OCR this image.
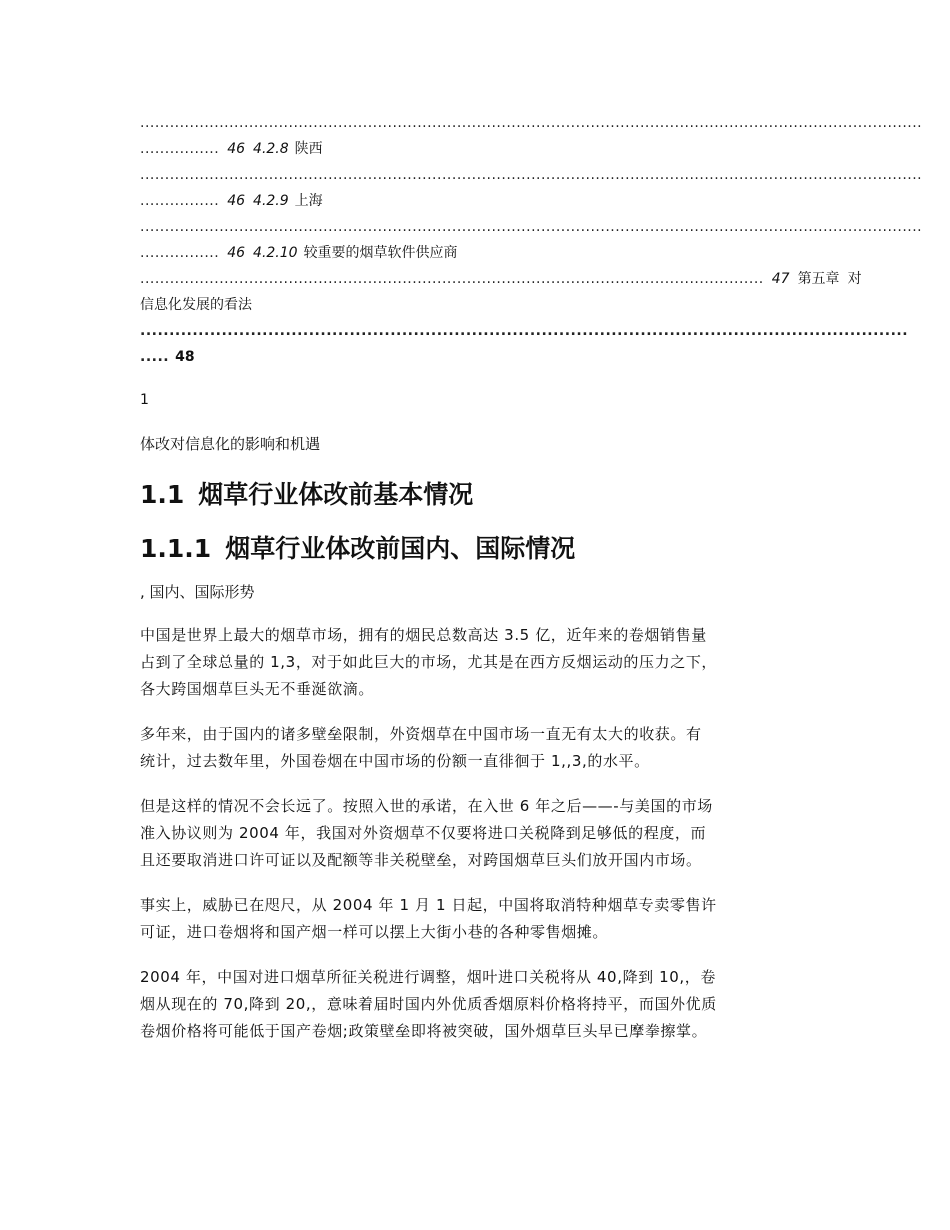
..............................................................................................................................................................
................ 46 4.2.8 陕西
..............................................................................................................................................................
................ 46 4.2.9 上海
..............................................................................................................................................................
................ 46 4.2.10 较重要的烟草软件供应商
.............................................................................................................................. 47 第五章 对
信息化发展的看法
....................................................................................................................................
..... 48

1

体改对信息化的影响和机遇

1.1 烟草行业体改前基本情况
1.1.1 烟草行业体改前国内、国际情况

, 国内、国际形势

中国是世界上最大的烟草市场，拥有的烟民总数高达 3.5 亿，近年来的卷烟销售量
占到了全球总量的 1,3，对于如此巨大的市场，尤其是在西方反烟运动的压力之下，
各大跨国烟草巨头无不垂涎欲滴。

多年来，由于国内的诸多壁垒限制，外资烟草在中国市场一直无有太大的收获。有
统计，过去数年里，外国卷烟在中国市场的份额一直徘徊于 1,,3,的水平。

但是这样的情况不会长远了。按照入世的承诺，在入世 6 年之后——-与美国的市场
准入协议则为 2004 年，我国对外资烟草不仅要将进口关税降到足够低的程度，而
且还要取消进口许可证以及配额等非关税壁垒，对跨国烟草巨头们放开国内市场。

事实上，威胁已在咫尺，从 2004 年 1 月 1 日起，中国将取消特种烟草专卖零售许
可证，进口卷烟将和国产烟一样可以摆上大街小巷的各种零售烟摊。

2004 年，中国对进口烟草所征关税进行调整，烟叶进口关税将从 40,降到 10,，卷
烟从现在的 70,降到 20,，意味着届时国内外优质香烟原料价格将持平，而国外优质
卷烟价格将可能低于国产卷烟;政策壁垒即将被突破，国外烟草巨头早已摩拳擦掌。
